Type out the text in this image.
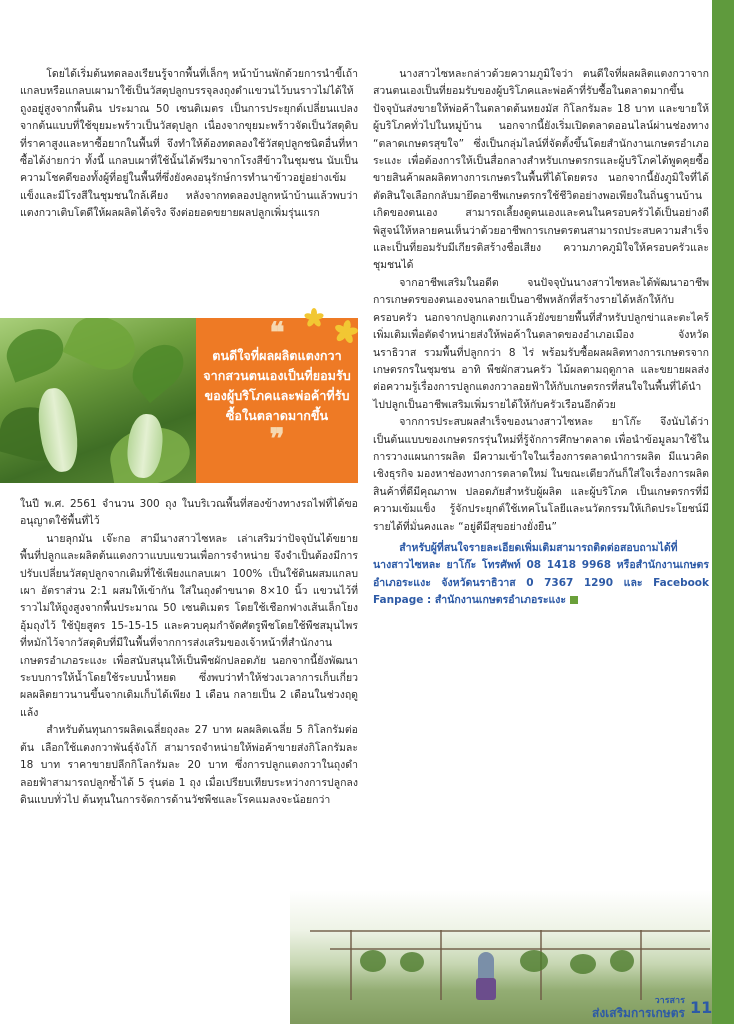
โดยได้เริ่มต้นทดลองเรียนรู้จากพื้นที่เล็กๆ หน้าบ้านพักด้วยการนำขี้เถ้าแกลบหรือแกลบเผามาใช้เป็นวัสดุปลูกบรรจุลงถุงดำแขวนไว้บนราวไม่ได้ให้ถูงอยู่สูงจากพื้นดิน ประมาณ 50 เซนติเมตร เป็นการประยุกต์เปลี่ยนแปลงจากต้นแบบที่ใช้ขุยมะพร้าวเป็นวัสดุปลูก เนื่องจากขุยมะพร้าวจัดเป็นวัสดุดิบที่ราคาสูงและหาซื้อยากในพื้นที่ จึงทำให้ต้องทดลองใช้วัสดุปลูกชนิดอื่นที่หาซื้อได้ง่ายกว่า ทั้งนี้ แกลบเผาที่ใช้นั้นได้ฟรีมาจากโรงสีข้าวในชุมชน นับเป็นความโชคดีของทั้งผู้ที่อยู่ในพื้นที่ซึ่งยังคงอนุรักษ์การทำนาข้าวอยู่อย่างเข้มแข็งและมีโรงสีในชุมชนใกล้เคียง หลังจากทดลองปลูกหน้าบ้านแล้วพบว่า แตงกวาเติบโตดีให้ผลผลิตได้จริง จึงต่อยอดขยายผลปลูกเพิ่มรุ่นแรก

❝
ตนดีใจที่ผลผลิตแตงกวาจากสวนตนเองเป็นที่ยอมรับของผู้บริโภคและพ่อค้าที่รับซื้อในตลาดมากขึ้น
❞

ในปี พ.ศ. 2561 จำนวน 300 ถุง ในบริเวณพื้นที่สองข้างทางรถไฟที่ได้ขออนุญาตใช้พื้นที่ไว้

นายลุกมัน เจ๊ะกอ สามีนางสาวไซหละ เล่าเสริมว่าปัจจุบันได้ขยายพื้นที่ปลูกและผลิตต้นแตงกวาแบบแขวนเพื่อการจำหน่าย จึงจำเป็นต้องมีการปรับเปลี่ยนวัสดุปลูกจากเดิมที่ใช้เพียงแกลบเผา 100% เป็นใช้ดินผสมแกลบเผา อัตราส่วน 2:1 ผสมให้เข้ากัน ใส่ในถุงดำขนาด 8×10 นิ้ว แขวนไว้ที่ราวไม่ให้ถูงสูงจากพื้นประมาณ 50 เซนติเมตร โดยใช้เชือกฟางเส้นเล็กโยงอุ้มถุงไว้ ใช้ปุ๋ยสูตร 15-15-15 และควบคุมกำจัดศัตรูพืชโดยใช้พืชสมุนไพร ที่หมักไว้จากวัสดุดิบที่มีในพื้นที่จากการส่งเสริมของเจ้าหน้าที่สำนักงานเกษตรอำเภอระแงะ เพื่อสนับสนุนให้เป็นพืชผักปลอดภัย นอกจากนี้ยังพัฒนาระบบการให้น้ำโดยใช้ระบบน้ำหยด ซึ่งพบว่าทำให้ช่วงเวลาการเก็บเกี่ยวผลผลิตยาวนานขึ้นจากเดิมเก็บได้เพียง 1 เดือน กลายเป็น 2 เดือนในช่วงฤดูแล้ง

สำหรับต้นทุนการผลิตเฉลี่ยถุงละ 27 บาท ผลผลิตเฉลี่ย 5 กิโลกรัมต่อต้น เลือกใช้แตงกวาพันธุ์จังโก้ สามารถจำหน่ายให้พ่อค้าขายส่งกิโลกรัมละ 18 บาท ราคาขายปลีกกิโลกรัมละ 20 บาท ซึ่งการปลูกแตงกวาในถุงดำลอยฟ้าสามารถปลูกซ้ำได้ 5 รุ่นต่อ 1 ถุง เมื่อเปรียบเทียบระหว่างการปลูกลงดินแบบทั่วไป ต้นทุนในการจัดการด้านวัชพืชและโรคแมลงจะน้อยกว่า

นางสาวไซหละกล่าวด้วยความภูมิใจว่า ตนดีใจที่ผลผลิตแตงกวาจากสวนตนเองเป็นที่ยอมรับของผู้บริโภคและพ่อค้าที่รับซื้อในตลาดมากขึ้น ปัจจุบันส่งขายให้พ่อค้าในตลาดต้นหยงมัส กิโลกรัมละ 18 บาท และขายให้ผู้บริโภคทั่วไปในหมู่บ้าน นอกจากนี้ยังเริ่มเปิดตลาดออนไลน์ผ่านช่องทาง “ตลาดเกษตรสุขใจ” ซึ่งเป็นกลุ่มไลน์ที่จัดตั้งขึ้นโดยสำนักงานเกษตรอำเภอระแงะ เพื่อต้องการให้เป็นสื่อกลางสำหรับเกษตรกรและผู้บริโภคได้พูดคุยซื้อขายสินค้าผลผลิตทางการเกษตรในพื้นที่ได้โดยตรง นอกจากนี้ยังภูมิใจที่ได้ตัดสินใจเลือกกลับมายึดอาชีพเกษตรกรใช้ชีวิตอย่างพอเพียงในถิ่นฐานบ้านเกิดของตนเอง สามารถเลี้ยงดูตนเองและคนในครอบครัวได้เป็นอย่างดี พิสูจน์ให้หลายคนเห็นว่าด้วยอาชีพการเกษตรตนสามารถประสบความสำเร็จ และเป็นที่ยอมรับมีเกียรติสร้างชื่อเสียง ความภาคภูมิใจให้ครอบครัวและชุมชนได้

จากอาชีพเสริมในอดีต จนปัจจุบันนางสาวไซหละได้พัฒนาอาชีพการเกษตรของตนเองจนกลายเป็นอาชีพหลักที่สร้างรายได้หลักให้กับครอบครัว นอกจากปลูกแตงกวาแล้วยังขยายพื้นที่สำหรับปลูกข่าและตะไคร้เพิ่มเติมเพื่อตัดจำหน่ายส่งให้พ่อค้าในตลาดของอำเภอเมือง จังหวัดนราธิวาส รวมพื้นที่ปลูกกว่า 8 ไร่ พร้อมรับซื้อผลผลิตทางการเกษตรจากเกษตรกรในชุมชน อาทิ พืชผักสวนครัว ไม้ผลตามฤดูกาล และขยายผลส่งต่อความรู้เรื่องการปลูกแตงกวาลอยฟ้าให้กับเกษตรกรที่สนใจในพื้นที่ได้นำไปปลูกเป็นอาชีพเสริมเพิ่มรายได้ให้กับครัวเรือนอีกด้วย

จากการประสบผลสำเร็จของนางสาวไซหละ ยาโก๊ะ จึงนับได้ว่าเป็นต้นแบบของเกษตรกรรุ่นใหม่ที่รู้จักการศึกษาตลาด เพื่อนำข้อมูลมาใช้ในการวางแผนการผลิต มีความเข้าใจในเรื่องการตลาดนำการผลิต มีแนวคิดเชิงธุรกิจ มองหาช่องทางการตลาดใหม่ ในขณะเดียวกันก็ใส่ใจเรื่องการผลิตสินค้าที่ดีมีคุณภาพ ปลอดภัยสำหรับผู้ผลิต และผู้บริโภค เป็นเกษตรกรที่มีความเข้มแข็ง รู้จักประยุกต์ใช้เทคโนโลยีและนวัตกรรมให้เกิดประโยชน์มีรายได้ที่มั่นคงและ “อยู่ดีมีสุขอย่างยั่งยืน”

สำหรับผู้ที่สนใจรายละเอียดเพิ่มเติมสามารถติดต่อสอบถามได้ที่นางสาวไซหละ ยาโก๊ะ โทรศัพท์ 08 1418 9968 หรือสำนักงานเกษตรอำเภอระแงะ จังหวัดนราธิวาส 0 7367 1290 และ Facebook Fanpage : สำนักงานเกษตรอำเภอระแงะ

วารสาร
ส่งเสริมการเกษตร 11
